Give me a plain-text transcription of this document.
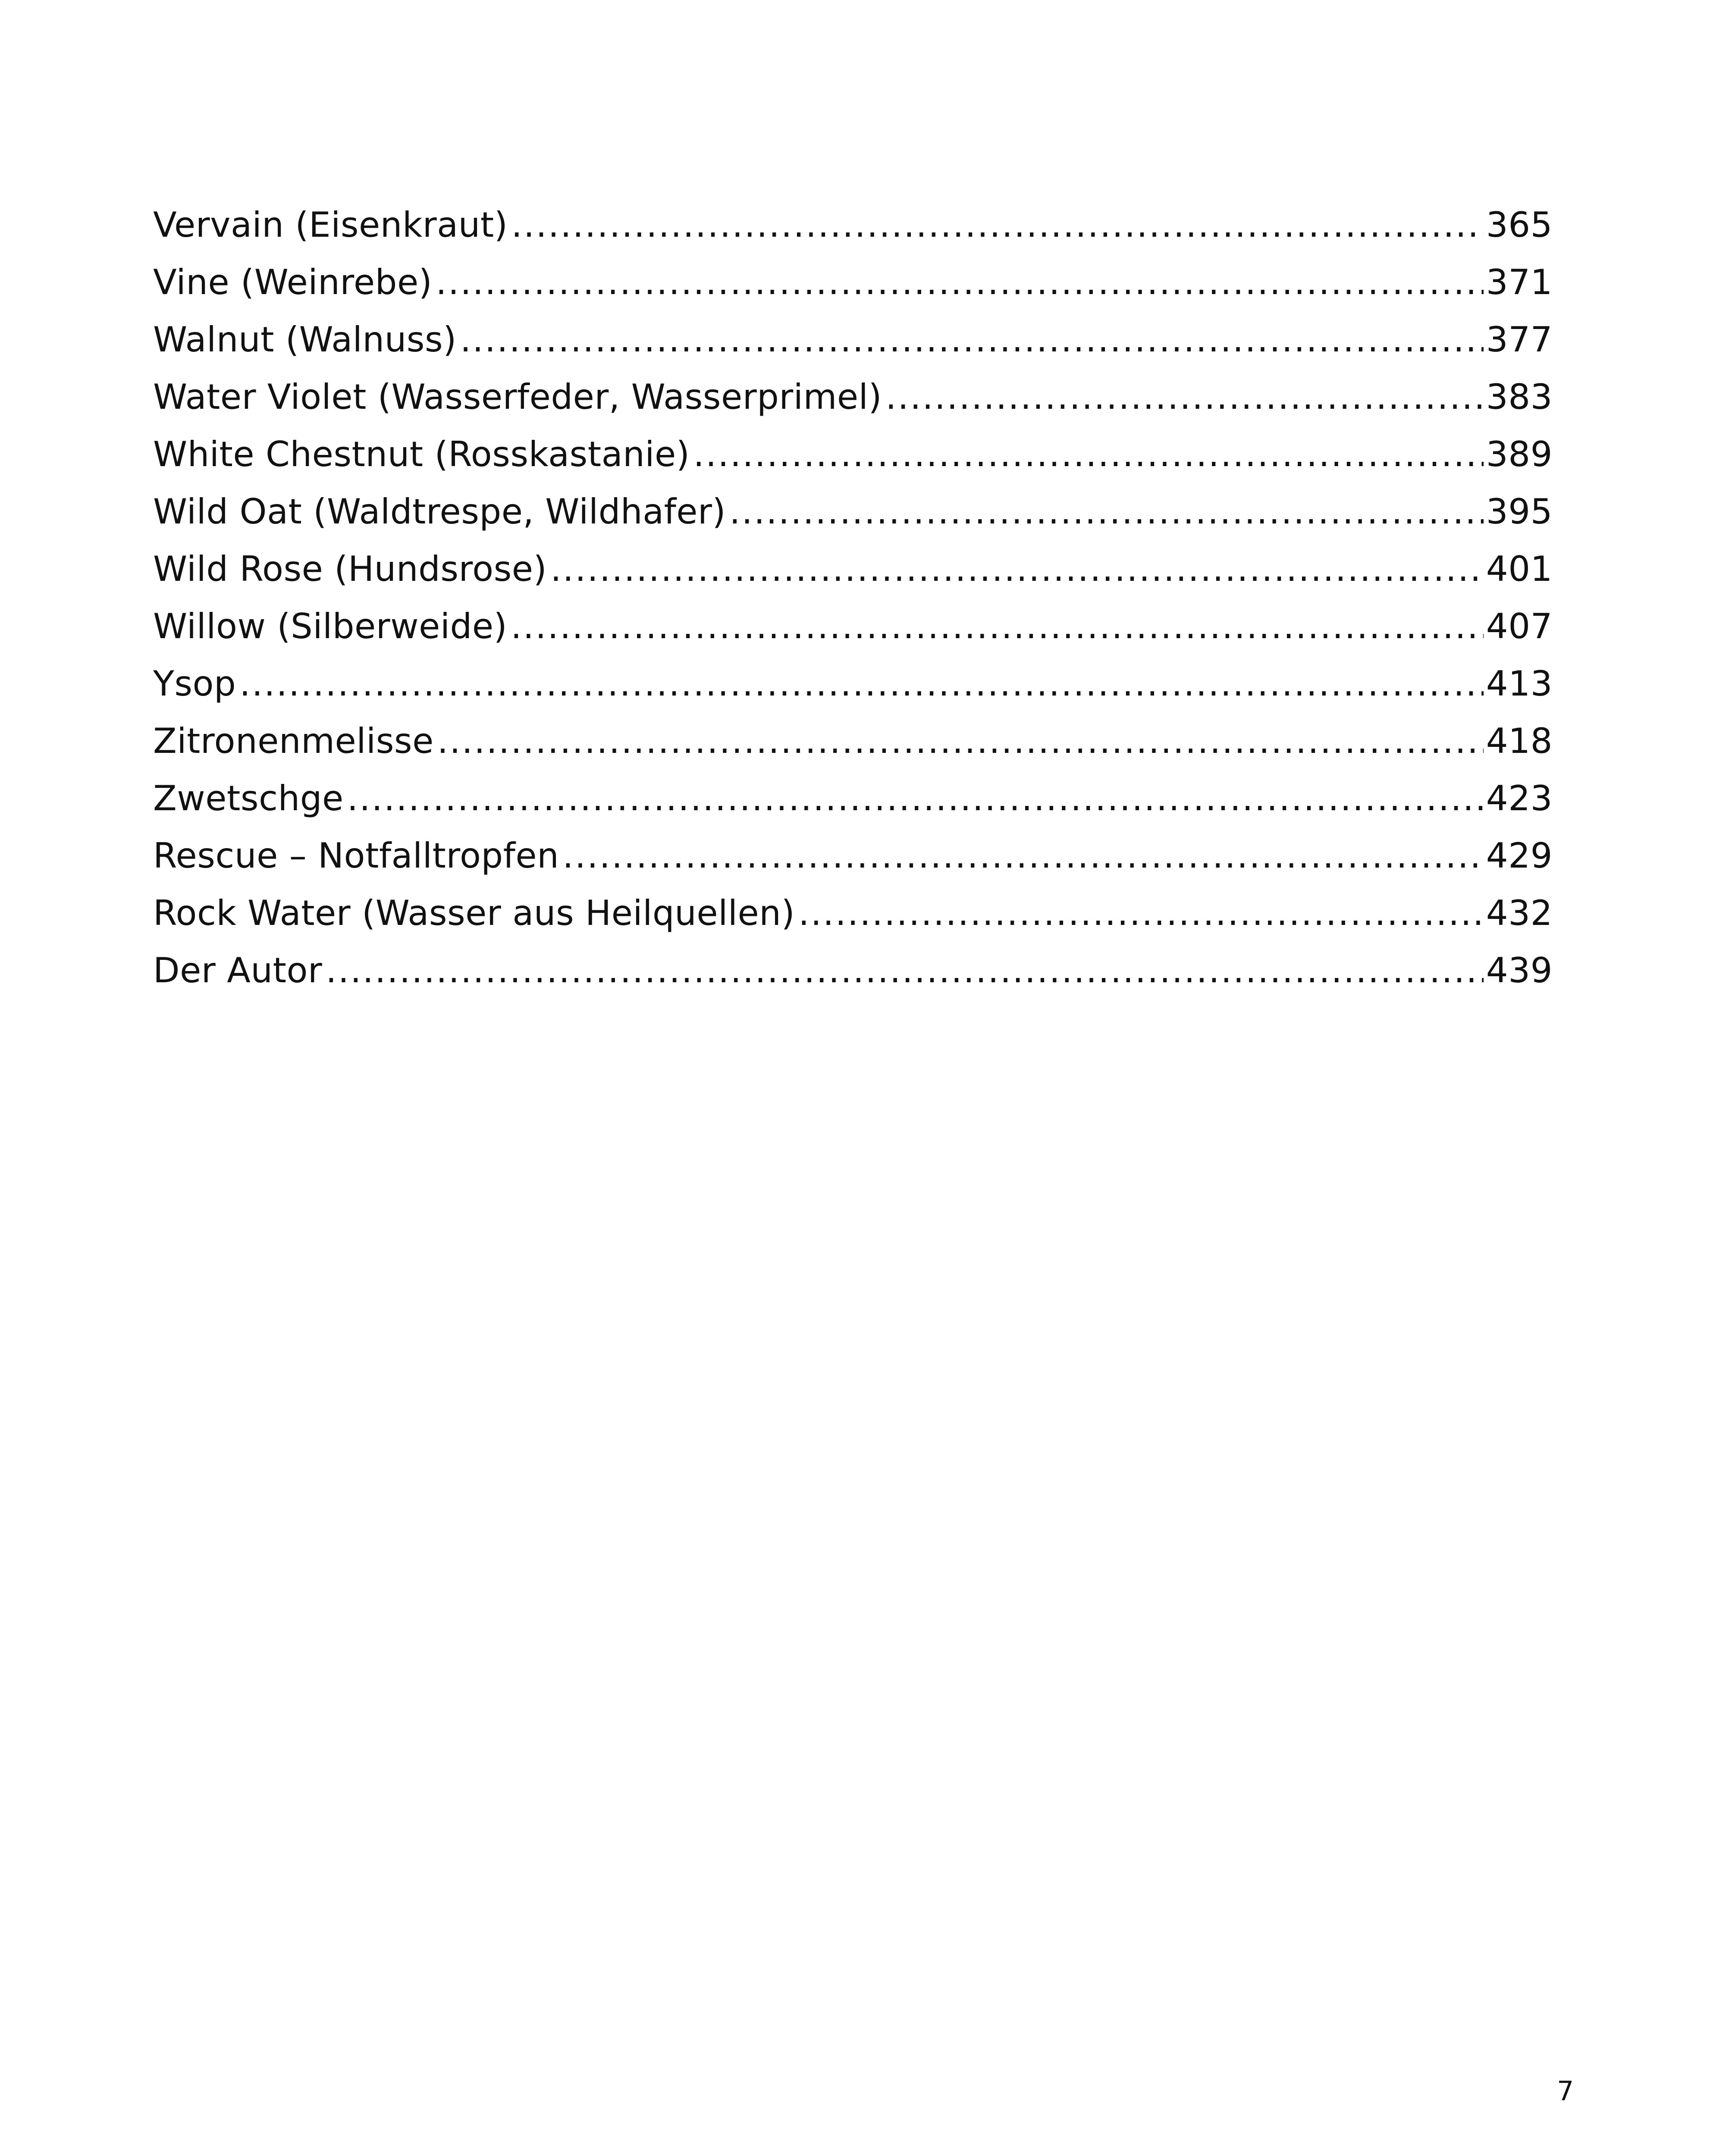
Vervain (Eisenkraut) .....	365
Vine (Weinrebe) .....	371
Walnut (Walnuss) .....	377
Water Violet (Wasserfeder, Wasserprimel) .....	383
White Chestnut (Rosskastanie) .....	389
Wild Oat (Waldtrespe, Wildhafer) .....	395
Wild Rose (Hundsrose) .....	401
Willow (Silberweide) .....	407
Ysop .....	413
Zitronenmelisse .....	418
Zwetschge .....	423
Rescue – Notfalltropfen .....	429
Rock Water (Wasser aus Heilquellen) .....	432
Der Autor .....	439
7
